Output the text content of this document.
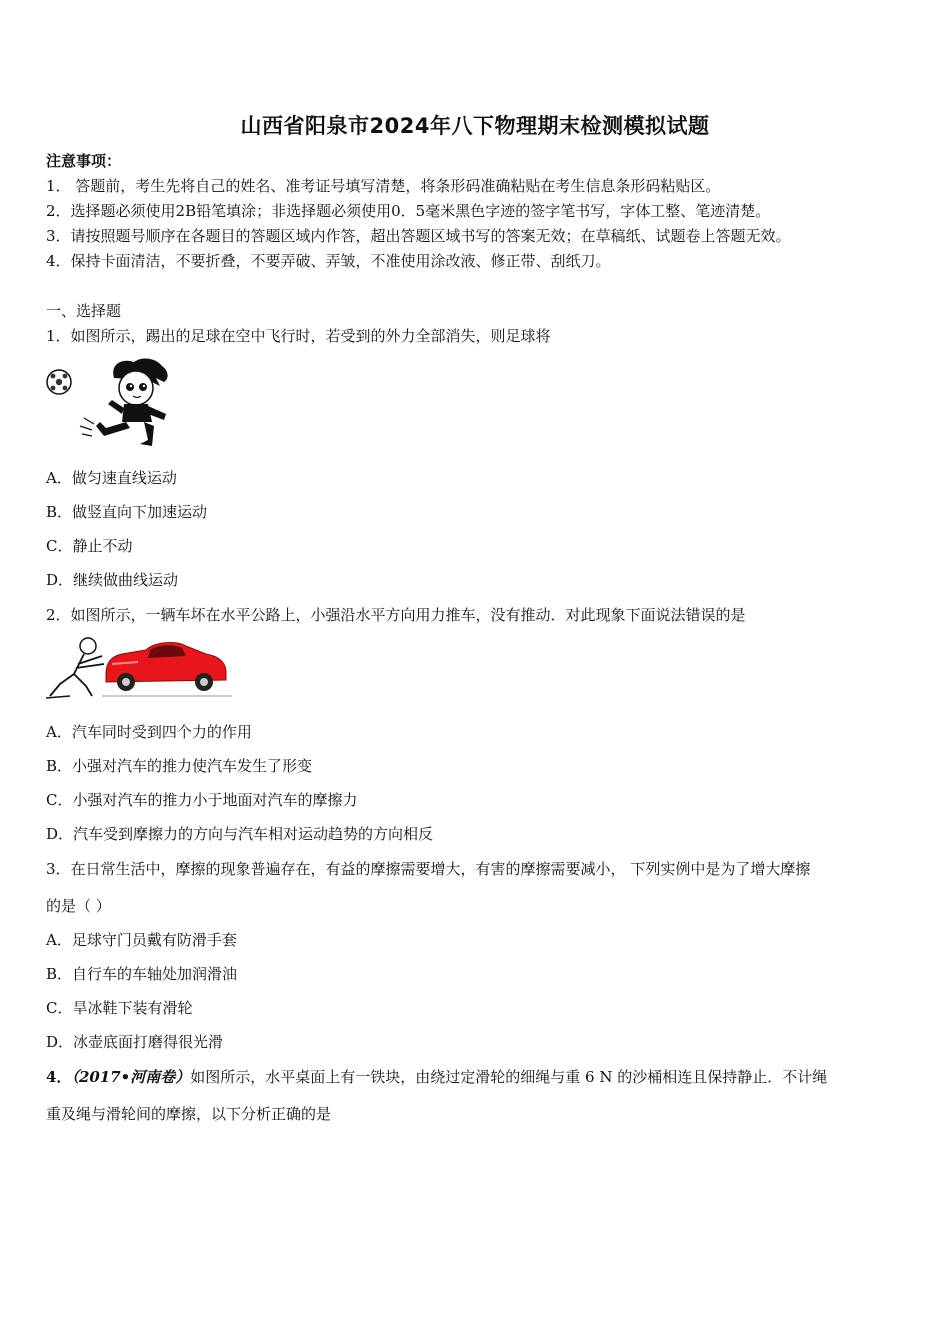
山西省阳泉市2024年八下物理期末检测模拟试题
注意事项：
1． 答题前，考生先将自己的姓名、准考证号填写清楚，将条形码准确粘贴在考生信息条形码粘贴区。
2．选择题必须使用2B铅笔填涂；非选择题必须使用0．5毫米黑色字迹的签字笔书写，字体工整、笔迹清楚。
3．请按照题号顺序在各题目的答题区域内作答，超出答题区域书写的答案无效；在草稿纸、试题卷上答题无效。
4．保持卡面清洁，不要折叠，不要弄破、弄皱，不准使用涂改液、修正带、刮纸刀。
一、选择题
1．如图所示，踢出的足球在空中飞行时，若受到的外力全部消失，则足球将
A．做匀速直线运动
B．做竖直向下加速运动
C．静止不动
D．继续做曲线运动
2．如图所示，一辆车坏在水平公路上，小强沿水平方向用力推车，没有推动．对此现象下面说法错误的是
A．汽车同时受到四个力的作用
B．小强对汽车的推力使汽车发生了形变
C．小强对汽车的推力小于地面对汽车的摩擦力
D．汽车受到摩擦力的方向与汽车相对运动趋势的方向相反
3．在日常生活中，摩擦的现象普遍存在，有益的摩擦需要增大，有害的摩擦需要减小， 下列实例中是为了增大摩擦
的是（ ）
A．足球守门员戴有防滑手套
B．自行车的车轴处加润滑油
C．旱冰鞋下装有滑轮
D．冰壶底面打磨得很光滑
4．（2017•河南卷）如图所示，水平桌面上有一铁块，由绕过定滑轮的细绳与重 6 N 的沙桶相连且保持静止．不计绳
重及绳与滑轮间的摩擦，以下分析正确的是
